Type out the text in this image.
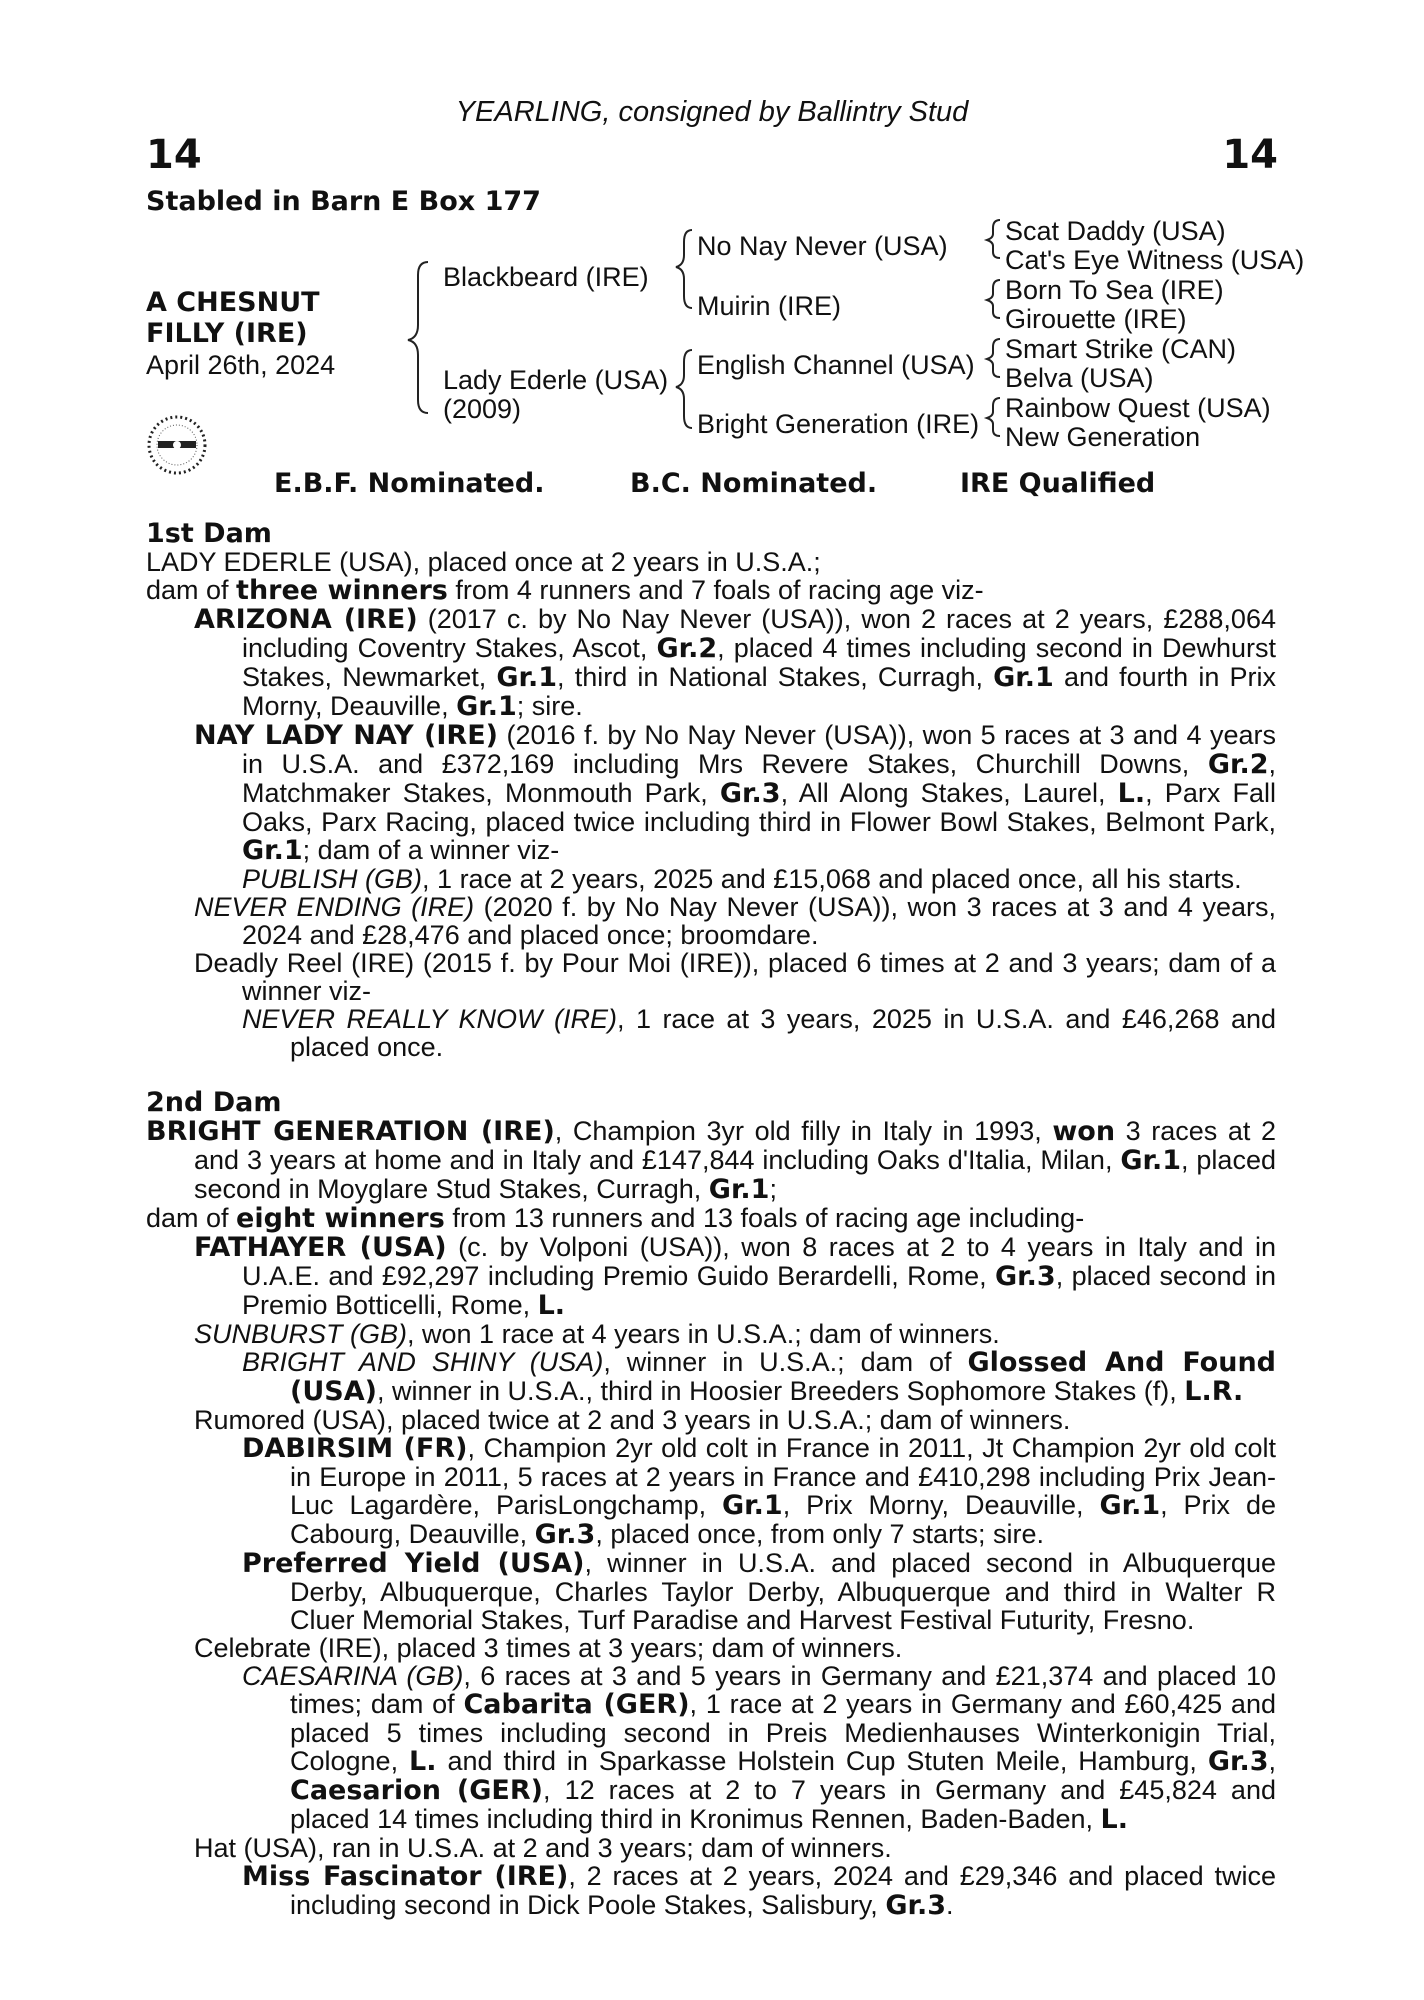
YEARLING, consigned by Ballintry Stud
14	14
Stabled in Barn E Box 177
A CHESNUT
FILLY (IRE)
April 26th, 2024
Blackbeard (IRE)
Lady Ederle (USA)
(2009)
No Nay Never (USA)
Muirin (IRE)
English Channel (USA)
Bright Generation (IRE)
Scat Daddy (USA)
Cat's Eye Witness (USA)
Born To Sea (IRE)
Girouette (IRE)
Smart Strike (CAN)
Belva (USA)
Rainbow Quest (USA)
New Generation
E.B.F. Nominated.	B.C. Nominated.	IRE Qualified
1st Dam

LADY EDERLE (USA), placed once at 2 years in U.S.A.;

dam of three winners from 4 runners and 7 foals of racing age viz-

ARIZONA (IRE) (2017 c. by No Nay Never (USA)), won 2 races at 2 years, £288,064 including Coventry Stakes, Ascot, Gr.2, placed 4 times including second in Dewhurst Stakes, Newmarket, Gr.1, third in National Stakes, Curragh, Gr.1 and fourth in Prix Morny, Deauville, Gr.1; sire.

NAY LADY NAY (IRE) (2016 f. by No Nay Never (USA)), won 5 races at 3 and 4 years in U.S.A. and £372,169 including Mrs Revere Stakes, Churchill Downs, Gr.2, Matchmaker Stakes, Monmouth Park, Gr.3, All Along Stakes, Laurel, L., Parx Fall Oaks, Parx Racing, placed twice including third in Flower Bowl Stakes, Belmont Park, Gr.1; dam of a winner viz-

PUBLISH (GB), 1 race at 2 years, 2025 and £15,068 and placed once, all his starts.

NEVER ENDING (IRE) (2020 f. by No Nay Never (USA)), won 3 races at 3 and 4 years, 2024 and £28,476 and placed once; broomdare.

Deadly Reel (IRE) (2015 f. by Pour Moi (IRE)), placed 6 times at 2 and 3 years; dam of a winner viz-

NEVER REALLY KNOW (IRE), 1 race at 3 years, 2025 in U.S.A. and £46,268 and placed once.

2nd Dam

BRIGHT GENERATION (IRE), Champion 3yr old filly in Italy in 1993, won 3 races at 2 and 3 years at home and in Italy and £147,844 including Oaks d'Italia, Milan, Gr.1, placed second in Moyglare Stud Stakes, Curragh, Gr.1;

dam of eight winners from 13 runners and 13 foals of racing age including-

FATHAYER (USA) (c. by Volponi (USA)), won 8 races at 2 to 4 years in Italy and in U.A.E. and £92,297 including Premio Guido Berardelli, Rome, Gr.3, placed second in Premio Botticelli, Rome, L.

SUNBURST (GB), won 1 race at 4 years in U.S.A.; dam of winners.

BRIGHT AND SHINY (USA), winner in U.S.A.; dam of Glossed And Found (USA), winner in U.S.A., third in Hoosier Breeders Sophomore Stakes (f), L.R.

Rumored (USA), placed twice at 2 and 3 years in U.S.A.; dam of winners.

DABIRSIM (FR), Champion 2yr old colt in France in 2011, Jt Champion 2yr old colt in Europe in 2011, 5 races at 2 years in France and £410,298 including Prix Jean-Luc Lagardère, ParisLongchamp, Gr.1, Prix Morny, Deauville, Gr.1, Prix de Cabourg, Deauville, Gr.3, placed once, from only 7 starts; sire.

Preferred Yield (USA), winner in U.S.A. and placed second in Albuquerque Derby, Albuquerque, Charles Taylor Derby, Albuquerque and third in Walter R Cluer Memorial Stakes, Turf Paradise and Harvest Festival Futurity, Fresno.

Celebrate (IRE), placed 3 times at 3 years; dam of winners.

CAESARINA (GB), 6 races at 3 and 5 years in Germany and £21,374 and placed 10 times; dam of Cabarita (GER), 1 race at 2 years in Germany and £60,425 and placed 5 times including second in Preis Medienhauses Winterkonigin Trial, Cologne, L. and third in Sparkasse Holstein Cup Stuten Meile, Hamburg, Gr.3, Caesarion (GER), 12 races at 2 to 7 years in Germany and £45,824 and placed 14 times including third in Kronimus Rennen, Baden-Baden, L.

Hat (USA), ran in U.S.A. at 2 and 3 years; dam of winners.

Miss Fascinator (IRE), 2 races at 2 years, 2024 and £29,346 and placed twice including second in Dick Poole Stakes, Salisbury, Gr.3.
